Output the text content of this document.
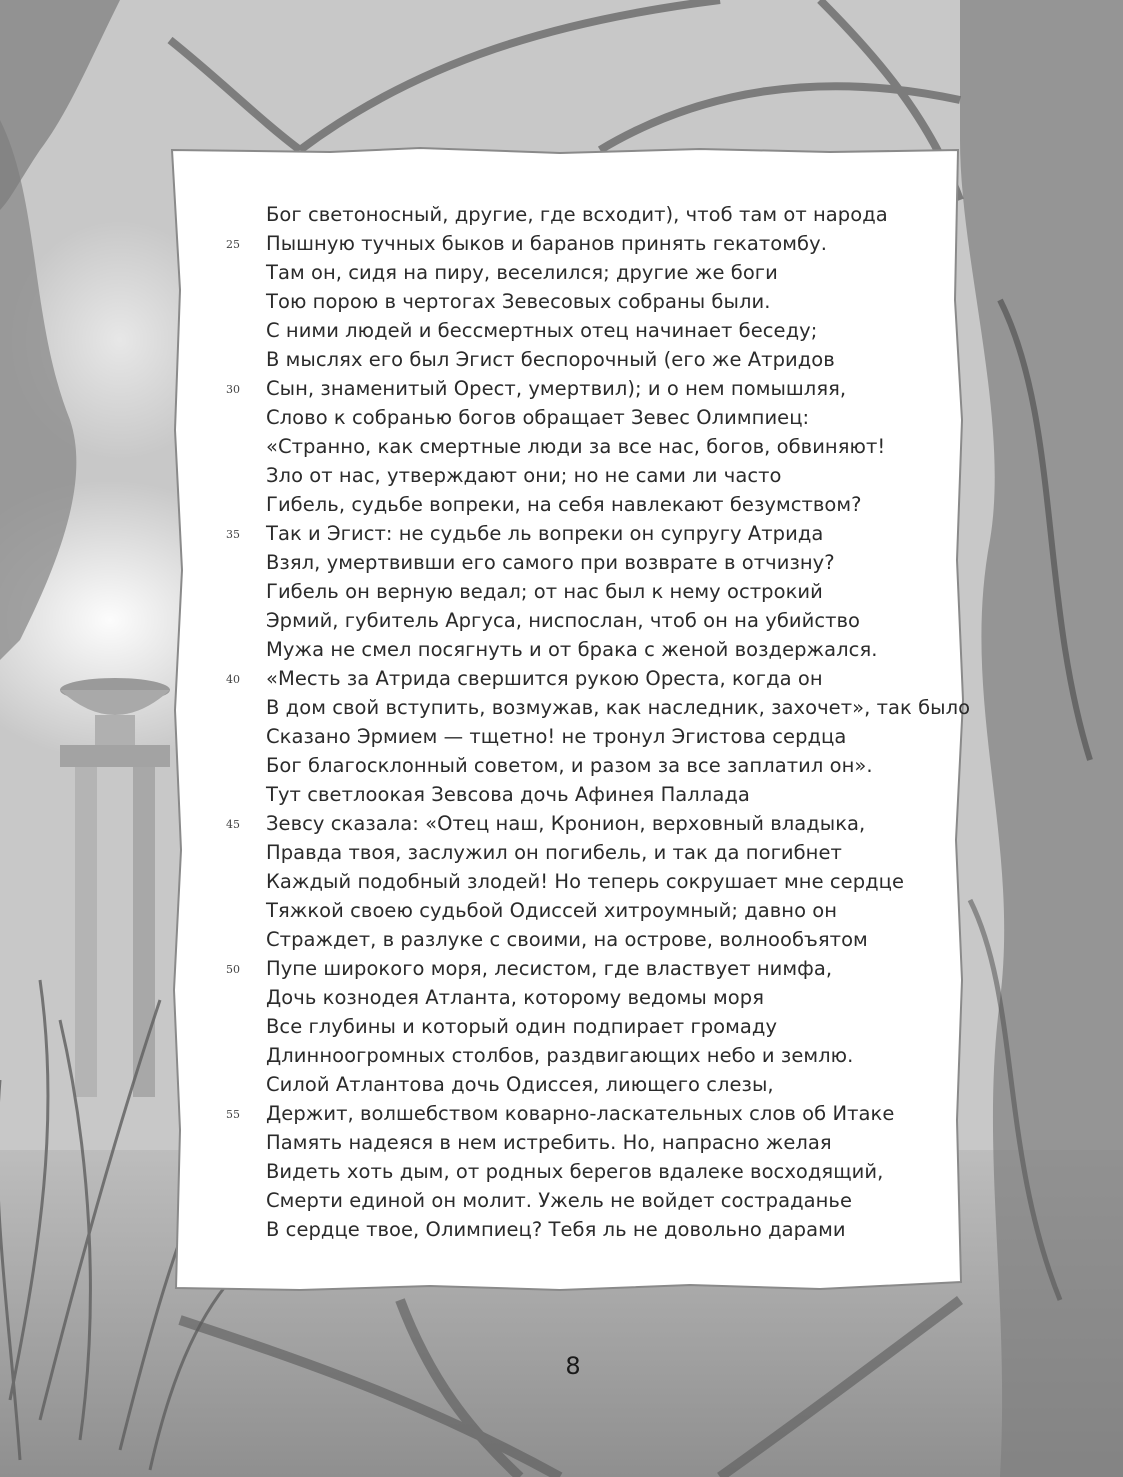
Бог светоносный, другие, где всходит), чтоб там от народа
25	Пышную тучных быков и баранов принять гекатомбу.
Там он, сидя на пиру, веселился; другие же боги
Тою порою в чертогах Зевесовых собраны были.
С ними людей и бессмертных отец начинает беседу;
В мыслях его был Эгист беспорочный (его же Атридов
30	Сын, знаменитый Орест, умертвил); и о нем помышляя,
Слово к собранью богов обращает Зевес Олимпиец:
«Странно, как смертные люди за все нас, богов, обвиняют!
Зло от нас, утверждают они; но не сами ли часто
Гибель, судьбе вопреки, на себя навлекают безумством?
35	Так и Эгист: не судьбе ль вопреки он супругу Атрида
Взял, умертвивши его самого при возврате в отчизну?
Гибель он верную ведал; от нас был к нему острокий
Эрмий, губитель Аргуса, ниспослан, чтоб он на убийство
Мужа не смел посягнуть и от брака с женой воздержался.
40	«Месть за Атрида свершится рукою Ореста, когда он
В дом свой вступить, возмужав, как наследник, захочет», так было
Сказано Эрмием — тщетно! не тронул Эгистова сердца
Бог благосклонный советом, и разом за все заплатил он».
Тут светлоокая Зевсова дочь Афинея Паллада
45	Зевсу сказала: «Отец наш, Кронион, верховный владыка,
Правда твоя, заслужил он погибель, и так да погибнет
Каждый подобный злодей! Но теперь сокрушает мне сердце
Тяжкой своею судьбой Одиссей хитроумный; давно он
Страждет, в разлуке с своими, на острове, волнообъятом
50	Пупе широкого моря, лесистом, где властвует нимфа,
Дочь кознодея Атланта, которому ведомы моря
Все глубины и который один подпирает громаду
Длинноогромных столбов, раздвигающих небо и землю.
Силой Атлантова дочь Одиссея, лиющего слезы,
55	Держит, волшебством коварно-ласкательных слов об Итаке
Память надеяся в нем истребить. Но, напрасно желая
Видеть хоть дым, от родных берегов вдалеке восходящий,
Смерти единой он молит. Ужель не войдет состраданье
В сердце твое, Олимпиец? Тебя ль не довольно дарами
8
